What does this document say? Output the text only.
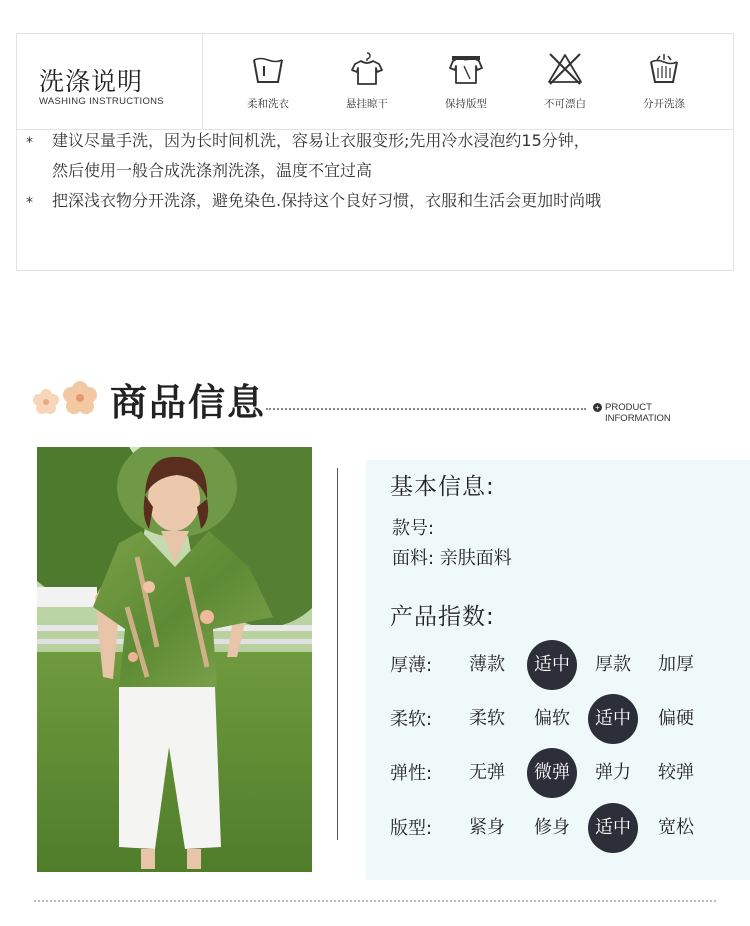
洗涤说明
WASHING INSTRUCTIONS	柔和洗衣	悬挂晾干	保持版型	不可漂白	分开洗涤
* 建议尽量手洗，因为长时间机洗，容易让衣服变形;先用冷水浸泡约15分钟，
然后使用一般合成洗涤剂洗涤，温度不宜过高
* 把深浅衣物分开洗涤，避免染色.保持这个良好习惯，衣服和生活会更加时尚哦
商品信息	+ PRODUCT INFORMATION
基本信息:
款号:
面料: 亲肤面料
产品指数:
厚薄:	薄款	适中	厚款	加厚
柔软:	柔软	偏软	适中	偏硬
弹性:	无弹	微弹	弹力	较弹
版型:	紧身	修身	适中	宽松
